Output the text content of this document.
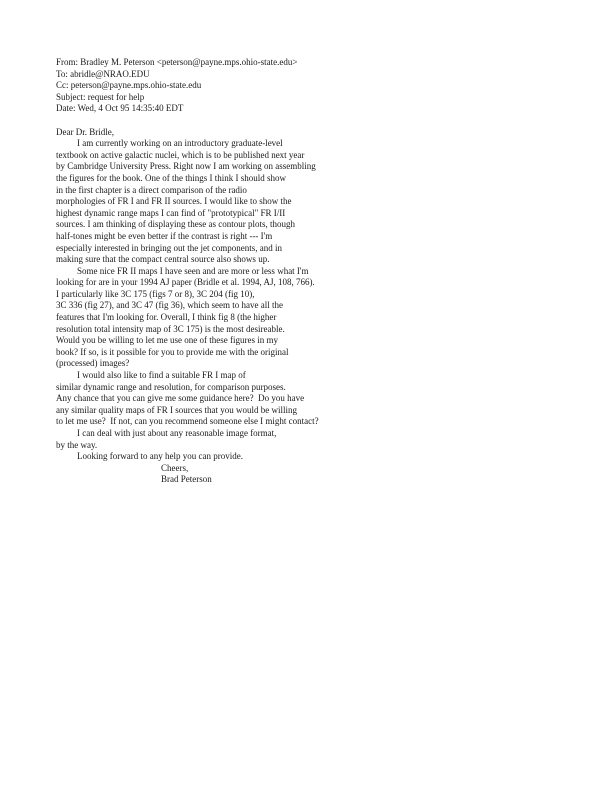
From: Bradley M. Peterson <peterson@payne.mps.ohio-state.edu>
To: abridle@NRAO.EDU
Cc: peterson@payne.mps.ohio-state.edu
Subject: request for help
Date: Wed, 4 Oct 95 14:35:40 EDT
Dear Dr. Bridle,
I am currently working on an introductory graduate-level
textbook on active galactic nuclei, which is to be published next year
by Cambridge University Press. Right now I am working on assembling
the figures for the book. One of the things I think I should show
in the first chapter is a direct comparison of the radio
morphologies of FR I and FR II sources. I would like to show the
highest dynamic range maps I can find of "prototypical" FR I/II
sources. I am thinking of displaying these as contour plots, though
half-tones might be even better if the contrast is right --- I'm
especially interested in bringing out the jet components, and in
making sure that the compact central source also shows up.
Some nice FR II maps I have seen and are more or less what I'm
looking for are in your 1994 AJ paper (Bridle et al. 1994, AJ, 108, 766).
I particularly like 3C 175 (figs 7 or 8), 3C 204 (fig 10),
3C 336 (fig 27), and 3C 47 (fig 36), which seem to have all the
features that I'm looking for. Overall, I think fig 8 (the higher
resolution total intensity map of 3C 175) is the most desireable.
Would you be willing to let me use one of these figures in my
book? If so, is it possible for you to provide me with the original
(processed) images?
I would also like to find a suitable FR I map of
similar dynamic range and resolution, for comparison purposes.
Any chance that you can give me some guidance here?  Do you have
any similar quality maps of FR I sources that you would be willing
to let me use?  If not, can you recommend someone else I might contact?
I can deal with just about any reasonable image format,
by the way.
Looking forward to any help you can provide.
Cheers,
Brad Peterson
